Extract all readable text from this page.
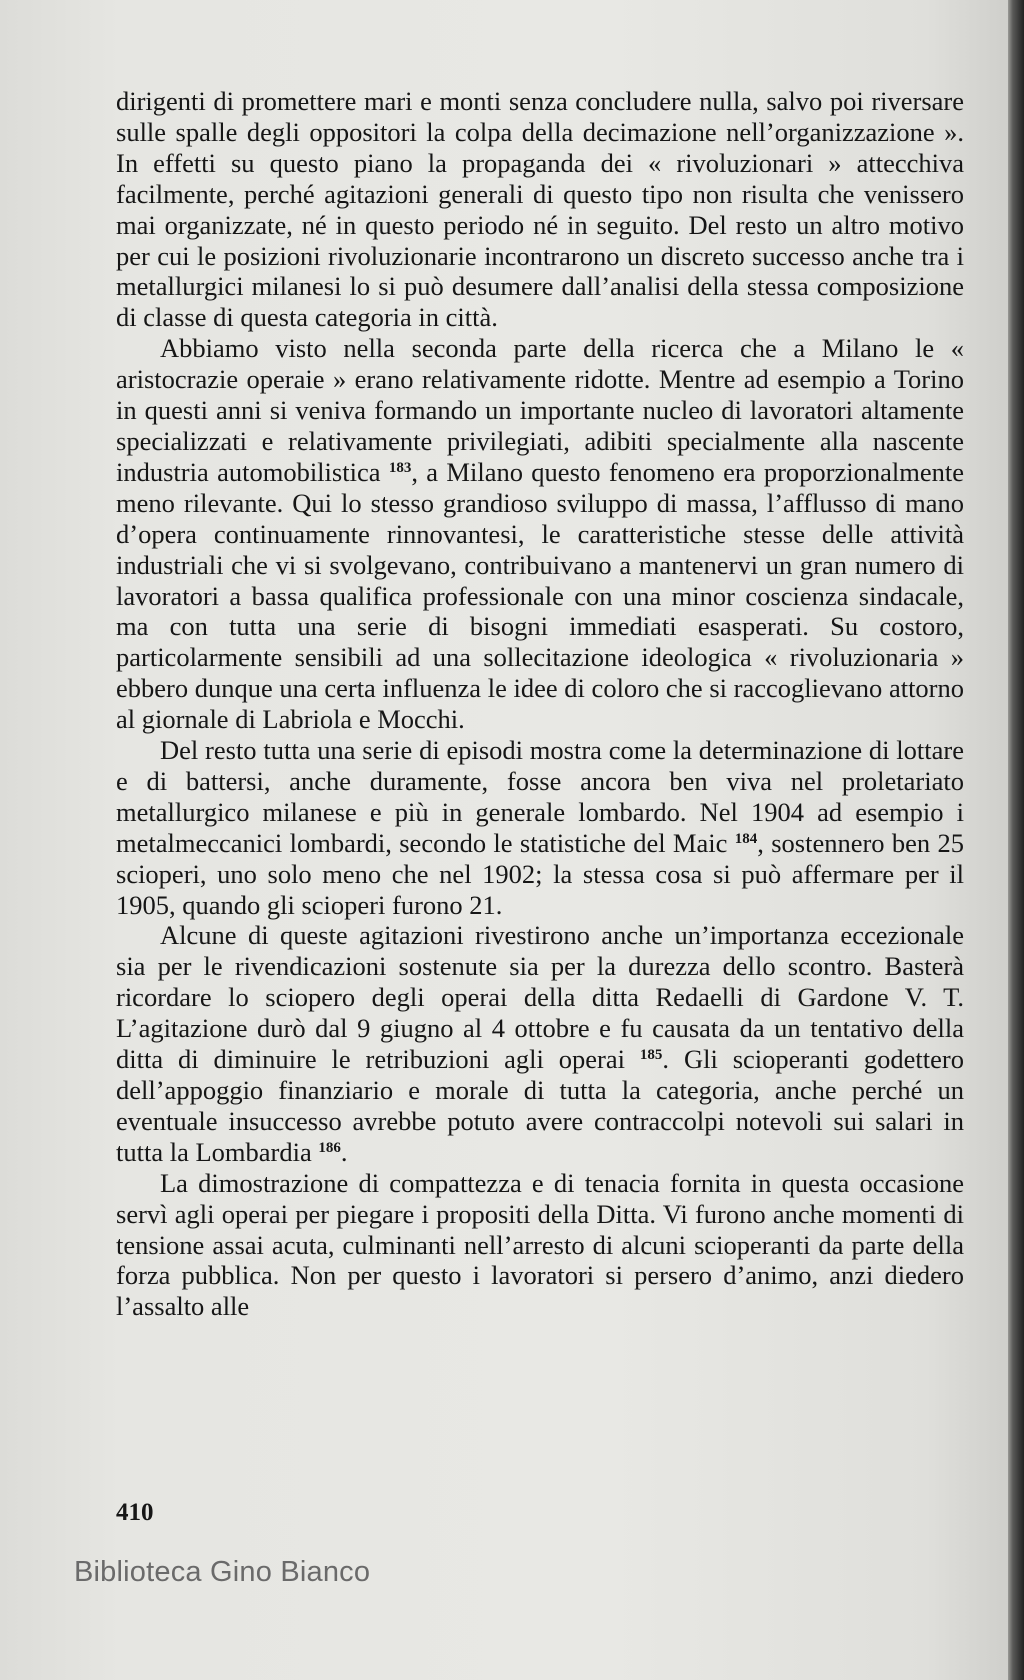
dirigenti di promettere mari e monti senza concludere nulla, salvo poi riversare sulle spalle degli oppositori la colpa della decimazione nell’organizzazione ». In effetti su questo piano la propaganda dei « rivoluzionari » attecchiva facilmente, perché agitazioni generali di questo tipo non risulta che venissero mai organizzate, né in questo periodo né in seguito. Del resto un altro motivo per cui le posizioni rivoluzionarie incontrarono un discreto successo anche tra i metallurgici milanesi lo si può desumere dall’analisi della stessa composizione di classe di questa categoria in città.

Abbiamo visto nella seconda parte della ricerca che a Milano le « aristocrazie operaie » erano relativamente ridotte. Mentre ad esempio a Torino in questi anni si veniva formando un importante nucleo di lavoratori altamente specializzati e relativamente privilegiati, adibiti specialmente alla nascente industria automobilistica $^{183}$, a Milano questo fenomeno era proporzionalmente meno rilevante. Qui lo stesso grandioso sviluppo di massa, l’afflusso di mano d’opera continuamente rinnovantesi, le caratteristiche stesse delle attività industriali che vi si svolgevano, contribuivano a mantenervi un gran numero di lavoratori a bassa qualifica professionale con una minor coscienza sindacale, ma con tutta una serie di bisogni immediati esasperati. Su costoro, particolarmente sensibili ad una sollecitazione ideologica « rivoluzionaria » ebbero dunque una certa influenza le idee di coloro che si raccoglievano attorno al giornale di Labriola e Mocchi.

Del resto tutta una serie di episodi mostra come la determinazione di lottare e di battersi, anche duramente, fosse ancora ben viva nel proletariato metallurgico milanese e più in generale lombardo. Nel 1904 ad esempio i metalmeccanici lombardi, secondo le statistiche del Maic $^{184}$, sostennero ben 25 scioperi, uno solo meno che nel 1902; la stessa cosa si può affermare per il 1905, quando gli scioperi furono 21.

Alcune di queste agitazioni rivestirono anche un’importanza eccezionale sia per le rivendicazioni sostenute sia per la durezza dello scontro. Basterà ricordare lo sciopero degli operai della ditta Redaelli di Gardone V. T. L’agitazione durò dal 9 giugno al 4 ottobre e fu causata da un tentativo della ditta di diminuire le retribuzioni agli operai $^{185}$. Gli scioperanti godettero dell’appoggio finanziario e morale di tutta la categoria, anche perché un eventuale insuccesso avrebbe potuto avere contraccolpi notevoli sui salari in tutta la Lombardia $^{186}$.

La dimostrazione di compattezza e di tenacia fornita in questa occasione servì agli operai per piegare i propositi della Ditta. Vi furono anche momenti di tensione assai acuta, culminanti nell’arresto di alcuni scioperanti da parte della forza pubblica. Non per questo i lavoratori si persero d’animo, anzi diedero l’assalto alle

410
Biblioteca Gino Bianco
